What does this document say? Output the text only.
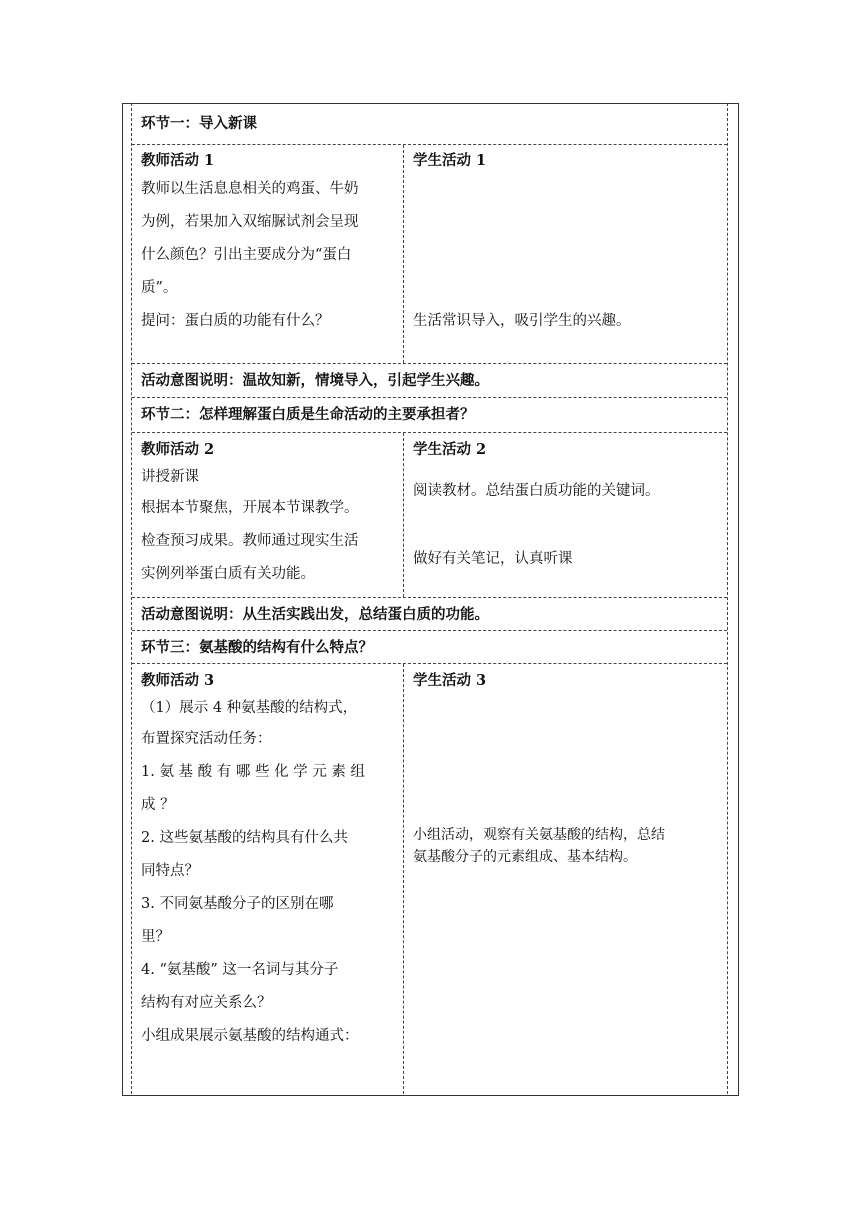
环节一：导入新课
教师活动 1
教师以生活息息相关的鸡蛋、牛奶
为例，若果加入双缩脲试剂会呈现
什么颜色？引出主要成分为“蛋白
质”。
提问：蛋白质的功能有什么？
学生活动 1
生活常识导入，吸引学生的兴趣。
活动意图说明：温故知新，情境导入，引起学生兴趣。
环节二：怎样理解蛋白质是生命活动的主要承担者？
教师活动 2
讲授新课
根据本节聚焦，开展本节课教学。
检查预习成果。教师通过现实生活
实例列举蛋白质有关功能。
学生活动 2
阅读教材。总结蛋白质功能的关键词。
做好有关笔记，认真听课
活动意图说明：从生活实践出发，总结蛋白质的功能。
环节三：氨基酸的结构有什么特点？
教师活动 3
（1）展示 4 种氨基酸的结构式，
布置探究活动任务：
1. 氨 基 酸 有 哪 些 化 学 元 素 组
成 ？
2. 这些氨基酸的结构具有什么共
同特点？
3. 不同氨基酸分子的区别在哪
里？
4. “氨基酸” 这一名词与其分子
结构有对应关系么？
小组成果展示氨基酸的结构通式：
学生活动 3
小组活动，观察有关氨基酸的结构，总结
氨基酸分子的元素组成、基本结构。
